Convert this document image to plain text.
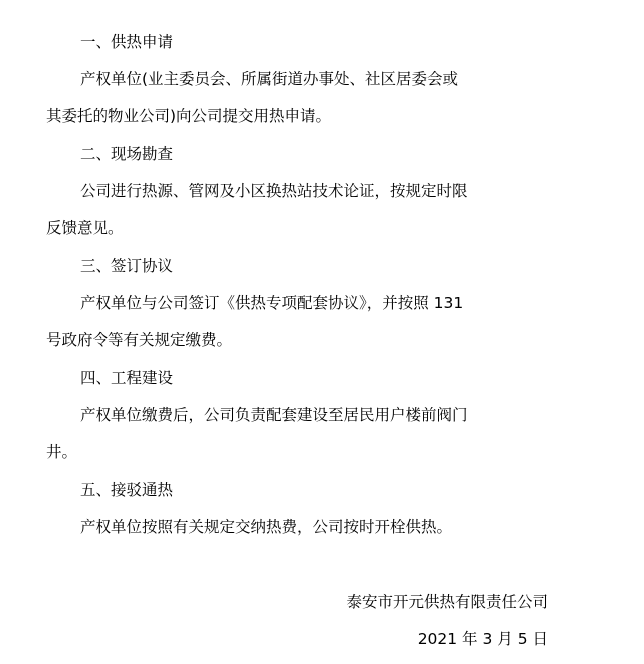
一、供热申请
产权单位(业主委员会、所属街道办事处、社区居委会或
其委托的物业公司)向公司提交用热申请。
二、现场勘查
公司进行热源、管网及小区换热站技术论证，按规定时限
反馈意见。
三、签订协议
产权单位与公司签订《供热专项配套协议》，并按照 131
号政府令等有关规定缴费。
四、工程建设
产权单位缴费后，公司负责配套建设至居民用户楼前阀门
井。
五、接驳通热
产权单位按照有关规定交纳热费，公司按时开栓供热。
泰安市开元供热有限责任公司
2021 年 3 月 5 日
